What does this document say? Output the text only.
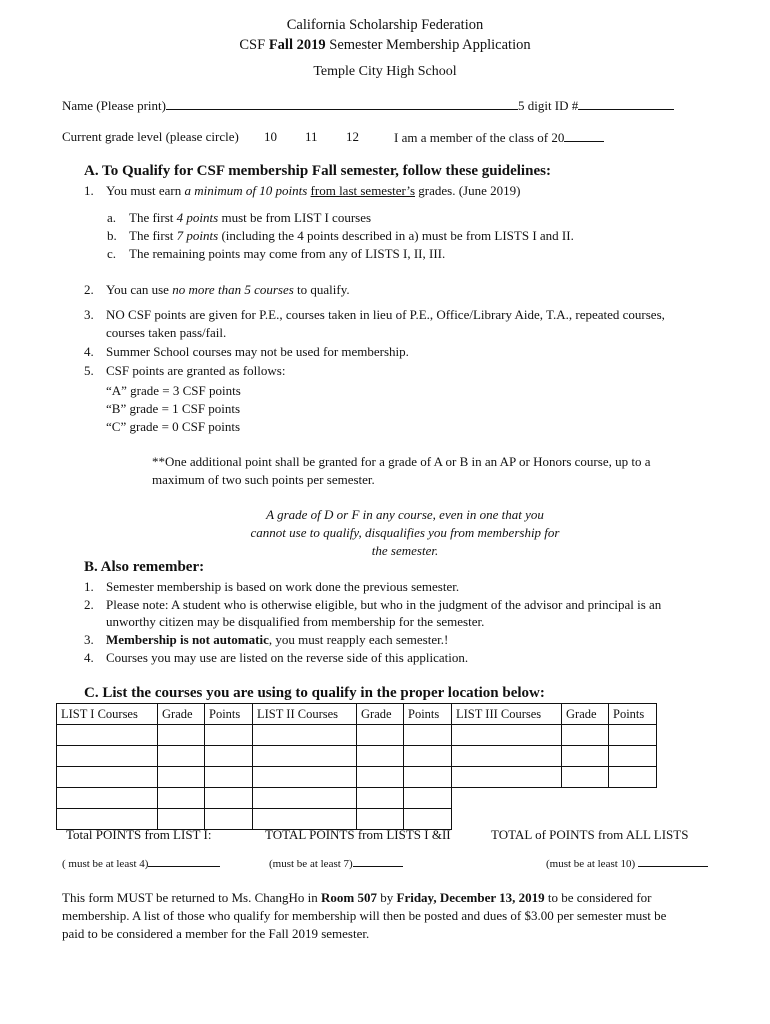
California Scholarship Federation
CSF Fall 2019 Semester Membership Application
Temple City High School
Name (Please print)	5 digit ID #
Current grade level (please circle) 10 11 12	I am a member of the class of 20
A. To Qualify for CSF membership Fall semester, follow these guidelines:
1. You must earn a minimum of 10 points from last semester’s grades. (June 2019)
a. The first 4 points must be from LIST I courses
b. The first 7 points (including the 4 points described in a) must be from LISTS I and II.
c. The remaining points may come from any of LISTS I, II, III.
2. You can use no more than 5 courses to qualify.
3. NO CSF points are given for P.E., courses taken in lieu of P.E., Office/Library Aide, T.A., repeated courses,
courses taken pass/fail.
4. Summer School courses may not be used for membership.
5. CSF points are granted as follows:
“A” grade = 3 CSF points
“B” grade = 1 CSF points
“C” grade = 0 CSF points
**One additional point shall be granted for a grade of A or B in an AP or Honors course, up to a
maximum of two such points per semester.
A grade of D or F in any course, even in one that you
cannot use to qualify, disqualifies you from membership for
the semester.
B. Also remember:
1. Semester membership is based on work done the previous semester.
2. Please note: A student who is otherwise eligible, but who in the judgment of the advisor and principal is an
unworthy citizen may be disqualified from membership for the semester.
3. Membership is not automatic, you must reapply each semester.!
4. Courses you may use are listed on the reverse side of this application.
C. List the courses you are using to qualify in the proper location below:
LIST I Courses	Grade	Points	LIST II Courses	Grade	Points	LIST III Courses	Grade	Points

Total POINTS from LIST I:	TOTAL POINTS from LISTS I &II	TOTAL of POINTS from ALL LISTS
( must be at least 4)	(must be at least 7)	(must be at least 10)
This form MUST be returned to Ms. ChangHo in Room 507 by Friday, December 13, 2019 to be considered for
membership. A list of those who qualify for membership will then be posted and dues of $3.00 per semester must be
paid to be considered a member for the Fall 2019 semester.
